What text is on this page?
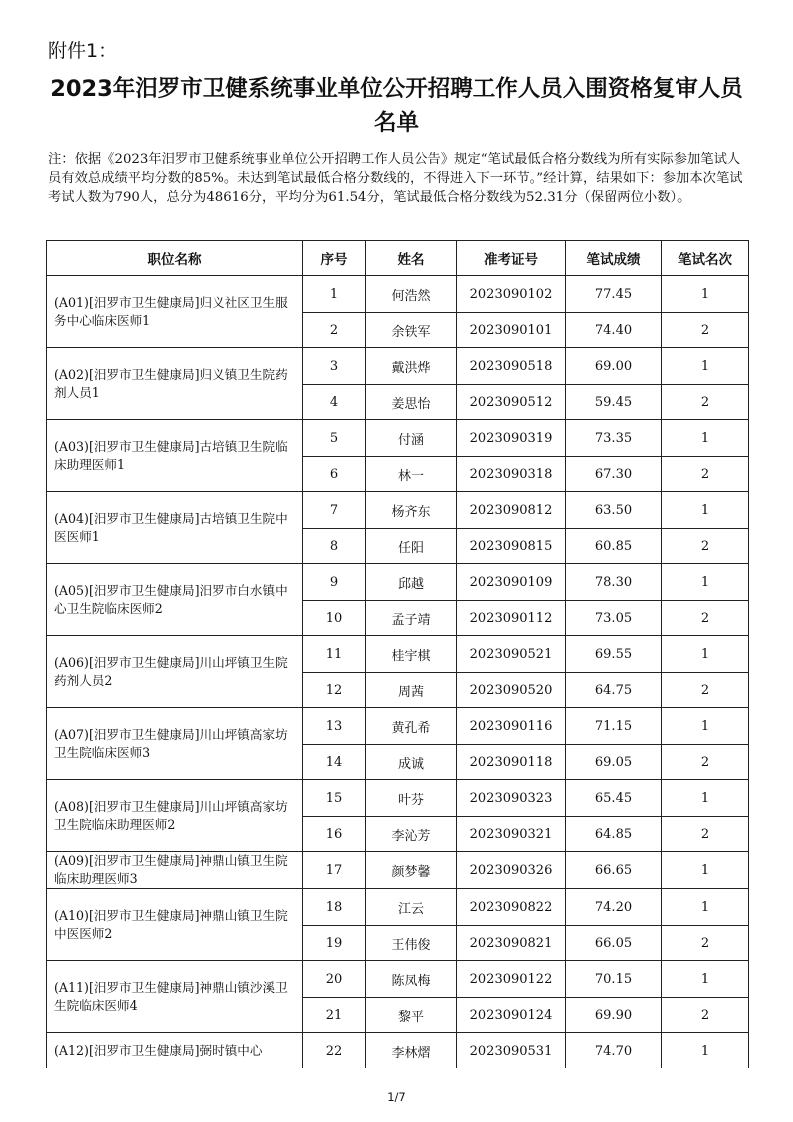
附件1：
2023年汨罗市卫健系统事业单位公开招聘工作人员入围资格复审人员名单
注：依据《2023年汨罗市卫健系统事业单位公开招聘工作人员公告》规定“笔试最低合格分数线为所有实际参加笔试人员有效总成绩平均分数的85%。未达到笔试最低合格分数线的，不得进入下一环节。”经计算，结果如下：参加本次笔试考试人数为790人，总分为48616分，平均分为61.54分，笔试最低合格分数线为52.31分（保留两位小数）。
职位名称	序号	姓名	准考证号	笔试成绩	笔试名次
(A01)[汨罗市卫生健康局]归义社区卫生服务中心临床医师1	1	何浩然	2023090102	77.45	1
	2	余铁军	2023090101	74.40	2
(A02)[汨罗市卫生健康局]归义镇卫生院药剂人员1	3	戴洪烨	2023090518	69.00	1
	4	姜思怡	2023090512	59.45	2
(A03)[汨罗市卫生健康局]古培镇卫生院临床助理医师1	5	付涵	2023090319	73.35	1
	6	林一	2023090318	67.30	2
(A04)[汨罗市卫生健康局]古培镇卫生院中医医师1	7	杨齐东	2023090812	63.50	1
	8	任阳	2023090815	60.85	2
(A05)[汨罗市卫生健康局]汨罗市白水镇中心卫生院临床医师2	9	邱越	2023090109	78.30	1
	10	孟子靖	2023090112	73.05	2
(A06)[汨罗市卫生健康局]川山坪镇卫生院药剂人员2	11	桂宇棋	2023090521	69.55	1
	12	周茜	2023090520	64.75	2
(A07)[汨罗市卫生健康局]川山坪镇高家坊卫生院临床医师3	13	黄孔希	2023090116	71.15	1
	14	成诚	2023090118	69.05	2
(A08)[汨罗市卫生健康局]川山坪镇高家坊卫生院临床助理医师2	15	叶芬	2023090323	65.45	1
	16	李沁芳	2023090321	64.85	2
(A09)[汨罗市卫生健康局]神鼎山镇卫生院临床助理医师3	17	颜梦馨	2023090326	66.65	1
(A10)[汨罗市卫生健康局]神鼎山镇卫生院中医医师2	18	江云	2023090822	74.20	1
	19	王伟俊	2023090821	66.05	2
(A11)[汨罗市卫生健康局]神鼎山镇沙溪卫生院临床医师4	20	陈凤梅	2023090122	70.15	1
	21	黎平	2023090124	69.90	2
(A12)[汨罗市卫生健康局]弼时镇中心	22	李林熠	2023090531	74.70	1
1/7
